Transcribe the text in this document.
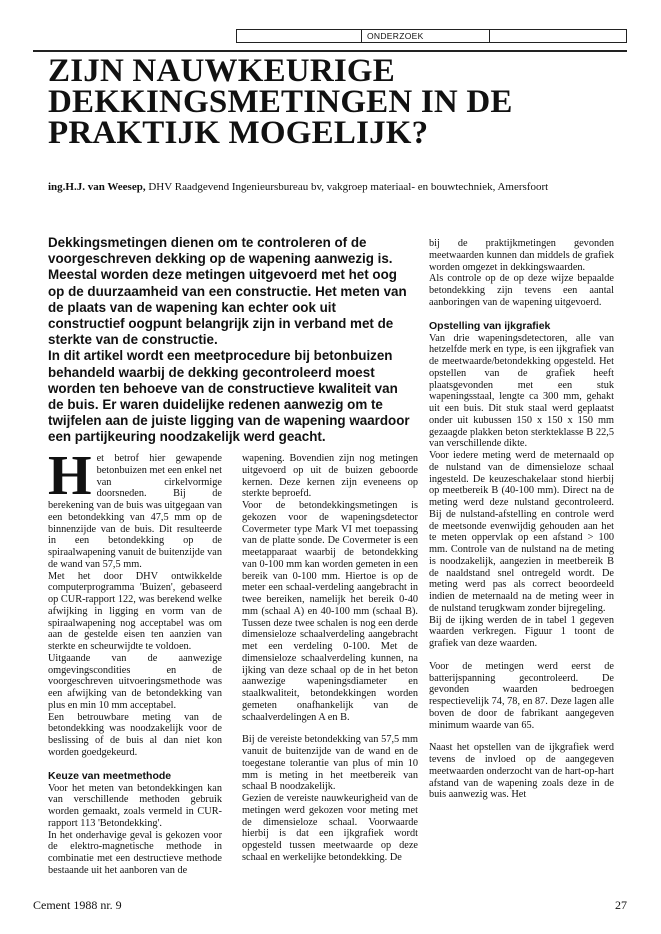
ONDERZOEK
ZIJN NAUWKEURIGE DEKKINGSMETINGEN IN DE PRAKTIJK MOGELIJK?
ing.H.J. van Weesep, DHV Raadgevend Ingenieursbureau bv, vakgroep materiaal- en bouwtechniek, Amersfoort

Dekkingsmetingen dienen om te controleren of de voorgeschreven dekking op de wapening aanwezig is. Meestal worden deze metingen uitgevoerd met het oog op de duurzaamheid van een constructie. Het meten van de plaats van de wapening kan echter ook uit constructief oogpunt belangrijk zijn in verband met de sterkte van de constructie.

In dit artikel wordt een meetprocedure bij betonbuizen behandeld waarbij de dekking gecontroleerd moest worden ten behoeve van de constructieve kwaliteit van de buis. Er waren duidelijke redenen aanwezig om te twijfelen aan de juiste ligging van de wapening waardoor een partijkeuring noodzakelijk werd geacht.

Het betrof hier gewapende betonbuizen met een enkel net van cirkelvormige doorsneden. Bij de berekening van de buis was uitgegaan van een betondekking van 47,5 mm op de binnenzijde van de buis. Dit resulteerde in een betondekking op de spiraalwapening vanuit de buitenzijde van de wand van 57,5 mm.

Met het door DHV ontwikkelde computerprogramma 'Buizen', gebaseerd op CUR-rapport 122, was berekend welke afwijking in ligging en vorm van de spiraalwapening nog acceptabel was om aan de gestelde eisen ten aanzien van sterkte en scheurwijdte te voldoen.

Uitgaande van de aanwezige omgevingscondities en de voorgeschreven uitvoeringsmethode was een afwijking van de betondekking van plus en min 10 mm acceptabel.

Een betrouwbare meting van de betondekking was noodzakelijk voor de beslissing of de buis al dan niet kon worden goedgekeurd.

Keuze van meetmethode

Voor het meten van betondekkingen kan van verschillende methoden gebruik worden gemaakt, zoals vermeld in CUR-rapport 113 'Betondekking'.

In het onderhavige geval is gekozen voor de elektro-magnetische methode in combinatie met een destructieve methode bestaande uit het aanboren van de

wapening. Bovendien zijn nog metingen uitgevoerd op uit de buizen geboorde kernen. Deze kernen zijn eveneens op sterkte beproefd.

Voor de betondekkingsmetingen is gekozen voor de wapeningsdetector Covermeter type Mark VI met toepassing van de platte sonde. De Covermeter is een meetapparaat waarbij de betondekking van 0-100 mm kan worden gemeten in een bereik van 0-100 mm. Hiertoe is op de meter een schaal-verdeling aangebracht in twee bereiken, namelijk het bereik 0-40 mm (schaal A) en 40-100 mm (schaal B). Tussen deze twee schalen is nog een derde dimensieloze schaalverdeling aangebracht met een verdeling 0-100. Met de dimensieloze schaalverdeling kunnen, na ijking van deze schaal op de in het beton aanwezige wapeningsdiameter en staalkwaliteit, betondekkingen worden gemeten onafhankelijk van de schaalverdelingen A en B.

Bij de vereiste betondekking van 57,5 mm vanuit de buitenzijde van de wand en de toegestane tolerantie van plus of min 10 mm is meting in het meetbereik van schaal B noodzakelijk.

Gezien de vereiste nauwkeurigheid van de metingen werd gekozen voor meting met de dimensieloze schaal. Voorwaarde hierbij is dat een ijkgrafiek wordt opgesteld tussen meetwaarde op deze schaal en werkelijke betondekking. De

bij de praktijkmetingen gevonden meetwaarden kunnen dan middels de grafiek worden omgezet in dekkingswaarden.

Als controle op de op deze wijze bepaalde betondekking zijn tevens een aantal aanboringen van de wapening uitgevoerd.

Opstelling van ijkgrafiek

Van drie wapeningsdetectoren, alle van hetzelfde merk en type, is een ijkgrafiek van de meetwaarde/betondekking opgesteld. Het opstellen van de grafiek heeft plaatsgevonden met een stuk wapeningsstaal, lengte ca 300 mm, gehakt uit een buis. Dit stuk staal werd geplaatst onder uit kubussen 150 x 150 x 150 mm gezaagde plakken beton sterkteklasse B 22,5 van verschillende dikte.

Voor iedere meting werd de meternaald op de nulstand van de dimensieloze schaal ingesteld. De keuzeschakelaar stond hierbij op meetbereik B (40-100 mm). Direct na de meting werd deze nulstand gecontroleerd. Bij de nulstand-afstelling en controle werd de meetsonde evenwijdig gehouden aan het te meten oppervlak op een afstand > 100 mm. Controle van de nulstand na de meting is noodzakelijk, aangezien in meetbereik B de naaldstand snel ontregeld wordt. De meting werd pas als correct beoordeeld indien de meternaald na de meting weer in de nulstand terugkwam zonder bijregeling.

Bij de ijking werden de in tabel 1 gegeven waarden verkregen. Figuur 1 toont de grafiek van deze waarden.

Voor de metingen werd eerst de batterijspanning gecontroleerd. De gevonden waarden bedroegen respectievelijk 74, 78, en 87. Deze lagen alle boven de door de fabrikant aangegeven minimum waarde van 65.

Naast het opstellen van de ijkgrafiek werd tevens de invloed op de aangegeven meetwaarden onderzocht van de hart-op-hart afstand van de wapening zoals deze in de buis aanwezig was. Het

Cement 1988 nr. 9	27
